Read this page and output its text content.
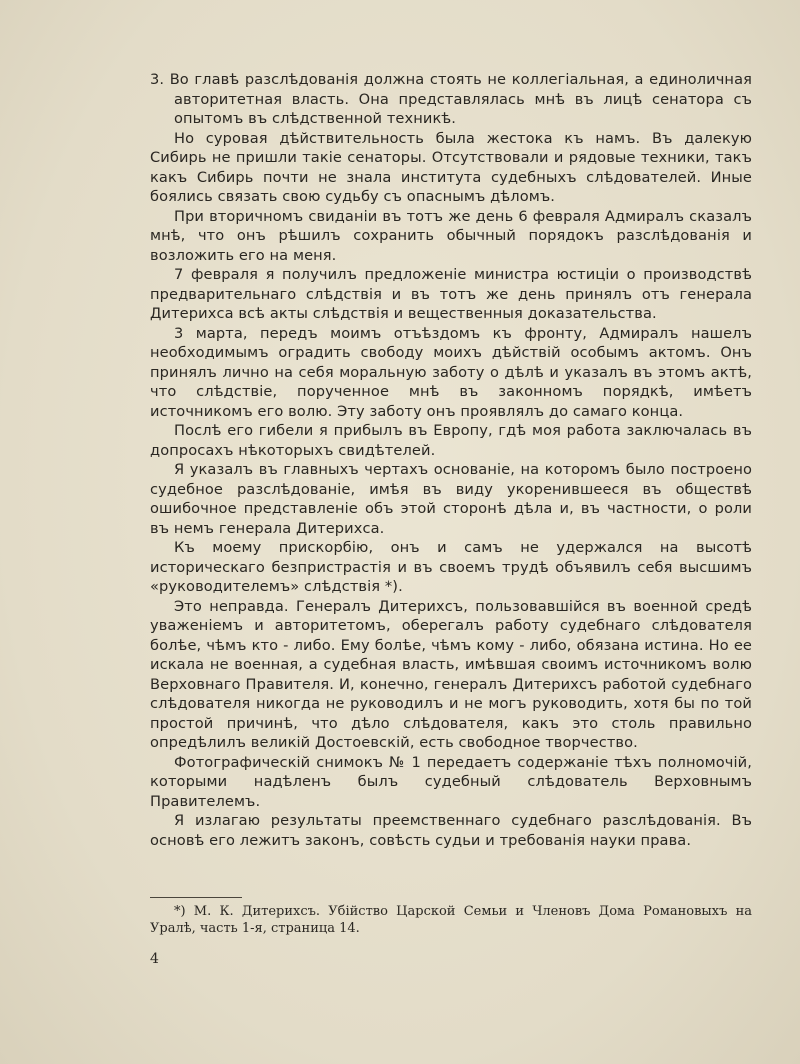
3. Во главѣ разслѣдованія должна стоять не коллегіальная, а единоличная авторитетная власть. Она представлялась мнѣ въ лицѣ сенатора съ опытомъ въ слѣдственной техникѣ.

Но суровая дѣйствительность была жестока къ намъ. Въ далекую Сибирь не пришли такіе сенаторы. Отсутствовали и рядовые техники, такъ какъ Сибирь почти не знала института судебныхъ слѣдователей. Иные боялись связать свою судьбу съ опаснымъ дѣломъ.

При вторичномъ свиданіи въ тотъ же день 6 февраля Адмиралъ сказалъ мнѣ, что онъ рѣшилъ сохранить обычный порядокъ разслѣдованія и возложить его на меня.

7 февраля я получилъ предложеніе министра юстиціи о производствѣ предварительнаго слѣдствія и въ тотъ же день принялъ отъ генерала Дитерихса всѣ акты слѣдствія и вещественныя доказательства.

3 марта, передъ моимъ отъѣздомъ къ фронту, Адмиралъ нашелъ необходимымъ оградить свободу моихъ дѣйствій особымъ актомъ. Онъ принялъ лично на себя моральную заботу о дѣлѣ и указалъ въ этомъ актѣ, что слѣдствіе, порученное мнѣ въ законномъ порядкѣ, имѣетъ источникомъ его волю. Эту заботу онъ проявлялъ до самаго конца.

Послѣ его гибели я прибылъ въ Европу, гдѣ моя работа заключалась въ допросахъ нѣкоторыхъ свидѣтелей.

Я указалъ въ главныхъ чертахъ основаніе, на которомъ было построено судебное разслѣдованіе, имѣя въ виду укоренившееся въ обществѣ ошибочное представленіе объ этой сторонѣ дѣла и, въ частности, о роли въ немъ генерала Дитерихса.

Къ моему прискорбію, онъ и самъ не удержался на высотѣ историческаго безпристрастія и въ своемъ трудѣ объявилъ себя высшимъ «руководителемъ» слѣдствія *).

Это неправда. Генералъ Дитерихсъ, пользовавшійся въ военной средѣ уваженіемъ и авторитетомъ, оберегалъ работу судебнаго слѣдователя болѣе, чѣмъ кто - либо. Ему болѣе, чѣмъ кому - либо, обязана истина. Но ее искала не военная, а судебная власть, имѣвшая своимъ источникомъ волю Верховнаго Правителя. И, конечно, генералъ Дитерихсъ работой судебнаго слѣдователя никогда не руководилъ и не могъ руководить, хотя бы по той простой причинѣ, что дѣло слѣдователя, какъ это столь правильно опредѣлилъ великій Достоевскій, есть свободное творчество.

Фотографическій снимокъ № 1 передаетъ содержаніе тѣхъ полномочій, которыми надѣленъ былъ судебный слѣдователь Верховнымъ Правителемъ.

Я излагаю результаты преемственнаго судебнаго разслѣдованія. Въ основѣ его лежитъ законъ, совѣсть судьи и требованія науки права.

*) М. К. Дитерихсъ. Убійство Царской Семьи и Членовъ Дома Романовыхъ на Уралѣ, часть 1-я, страница 14.

4
